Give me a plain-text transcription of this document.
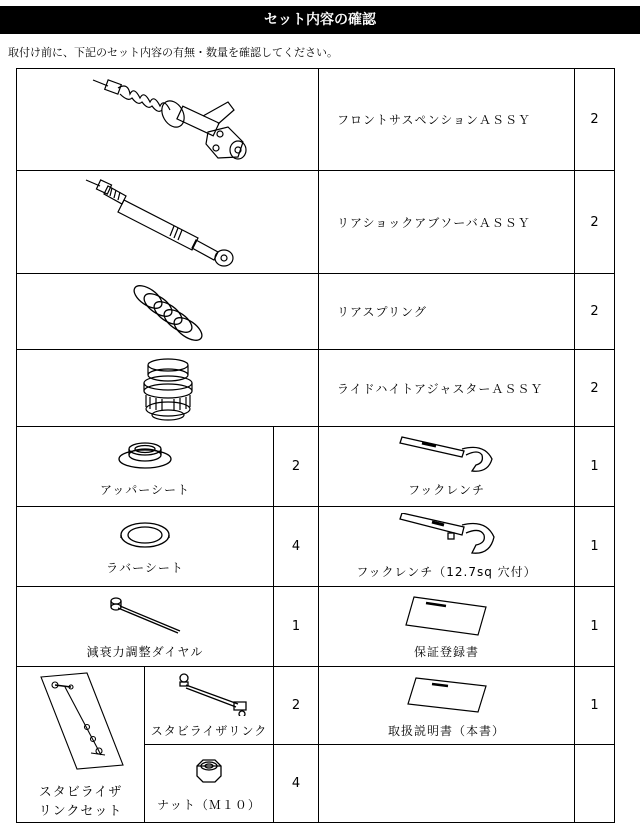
セット内容の確認
取付け前に、下記のセット内容の有無・数量を確認してください。
	フロントサスペンションＡＳＳＹ	2

	リアショックアブソーバＡＳＳＹ	2

	リアスプリング	2

	ライドハイトアジャスターＡＳＳＹ	2

アッパーシート		2	フックレンチ	1

ラバーシート		4	フックレンチ（12.7sq 穴付）	1

減衰力調整ダイヤル		1	保証登録書	1

スタビライザ
リンクセット	スタビライザリンク	2	取扱説明書（本書）	1

	ナット（Ｍ１０）	4		
